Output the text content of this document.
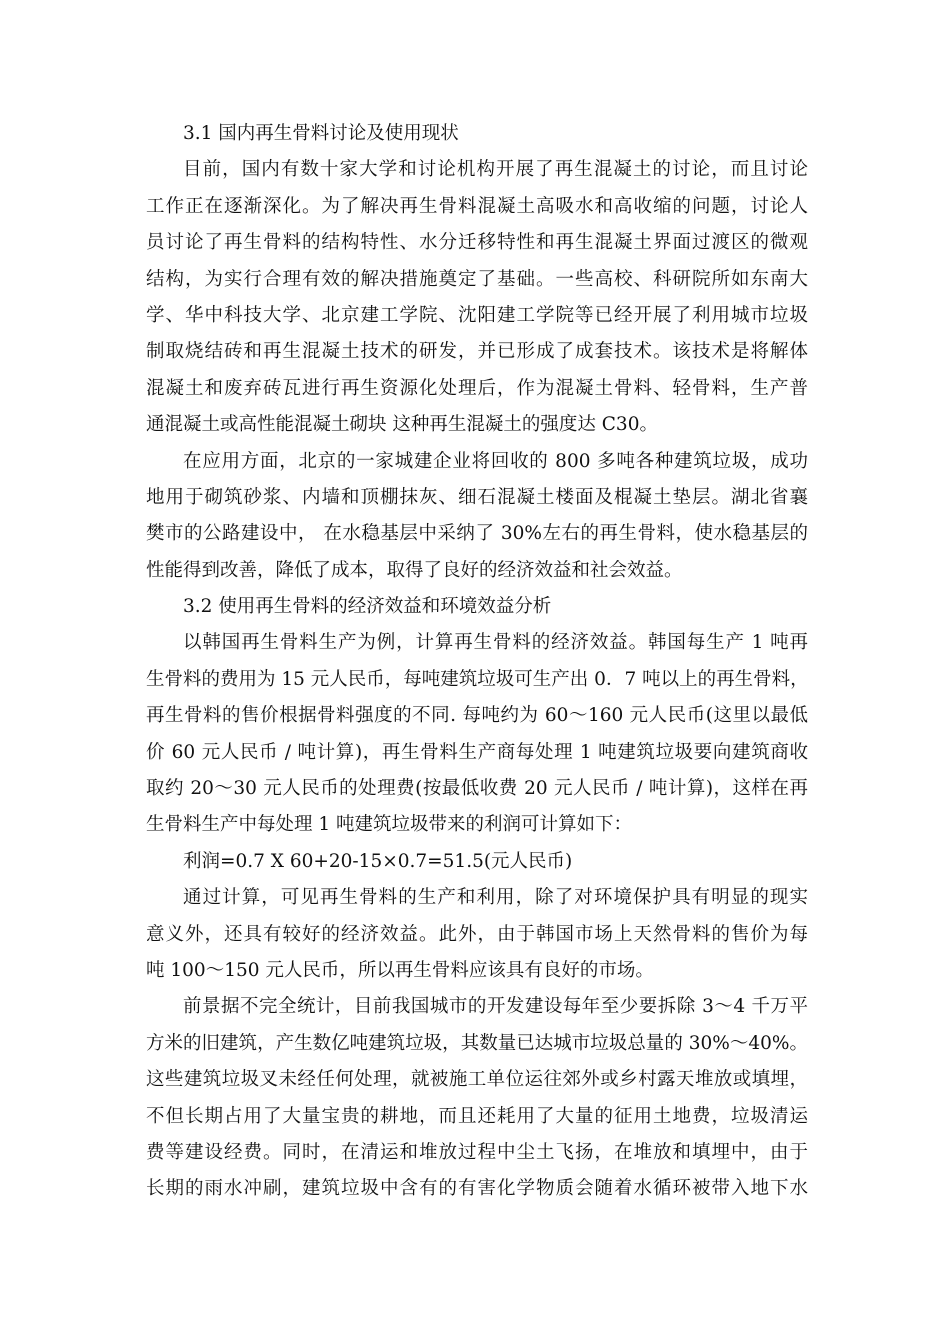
3.1 国内再生骨料讨论及使用现状
目前，国内有数十家大学和讨论机构开展了再生混凝土的讨论，而且讨论
工作正在逐渐深化。为了解决再生骨料混凝土高吸水和高收缩的问题，讨论人
员讨论了再生骨料的结构特性、水分迁移特性和再生混凝土界面过渡区的微观
结构，为实行合理有效的解决措施奠定了基础。一些高校、科研院所如东南大
学、华中科技大学、北京建工学院、沈阳建工学院等已经开展了利用城市垃圾
制取烧结砖和再生混凝土技术的研发，并已形成了成套技术。该技术是将解体
混凝土和废弃砖瓦进行再生资源化处理后，作为混凝土骨料、轻骨料，生产普
通混凝土或高性能混凝土砌块 这种再生混凝土的强度达 C30。
在应用方面，北京的一家城建企业将回收的 800 多吨各种建筑垃圾，成功
地用于砌筑砂浆、内墙和顶棚抹灰、细石混凝土楼面及棍凝土垫层。湖北省襄
樊市的公路建设中， 在水稳基层中采纳了 30%左右的再生骨料，使水稳基层的
性能得到改善，降低了成本，取得了良好的经济效益和社会效益。
3.2 使用再生骨料的经济效益和环境效益分析
以韩国再生骨料生产为例，计算再生骨料的经济效益。韩国每生产 1 吨再
生骨料的费用为 15 元人民币，每吨建筑垃圾可生产出 0．7 吨以上的再生骨料，
再生骨料的售价根据骨料强度的不同. 每吨约为 60～160 元人民币(这里以最低
价 60 元人民币 / 吨计算)，再生骨料生产商每处理 1 吨建筑垃圾要向建筑商收
取约 20～30 元人民币的处理费(按最低收费 20 元人民币 / 吨计算)，这样在再
生骨料生产中每处理 1 吨建筑垃圾带来的利润可计算如下：
利润=0.7 X 60+20-15×0.7=51.5(元人民币)
通过计算，可见再生骨料的生产和利用，除了对环境保护具有明显的现实
意义外，还具有较好的经济效益。此外，由于韩国市场上天然骨料的售价为每
吨 100～150 元人民币，所以再生骨料应该具有良好的市场。
前景据不完全统计，目前我国城市的开发建设每年至少要拆除 3～4 千万平
方米的旧建筑，产生数亿吨建筑垃圾，其数量已达城市垃圾总量的 30%～40%。
这些建筑垃圾叉未经任何处理，就被施工单位运往郊外或乡村露天堆放或填埋，
不但长期占用了大量宝贵的耕地，而且还耗用了大量的征用土地费，垃圾清运
费等建设经费。同时，在清运和堆放过程中尘土飞扬，在堆放和填埋中，由于
长期的雨水冲刷，建筑垃圾中含有的有害化学物质会随着水循环被带入地下水
